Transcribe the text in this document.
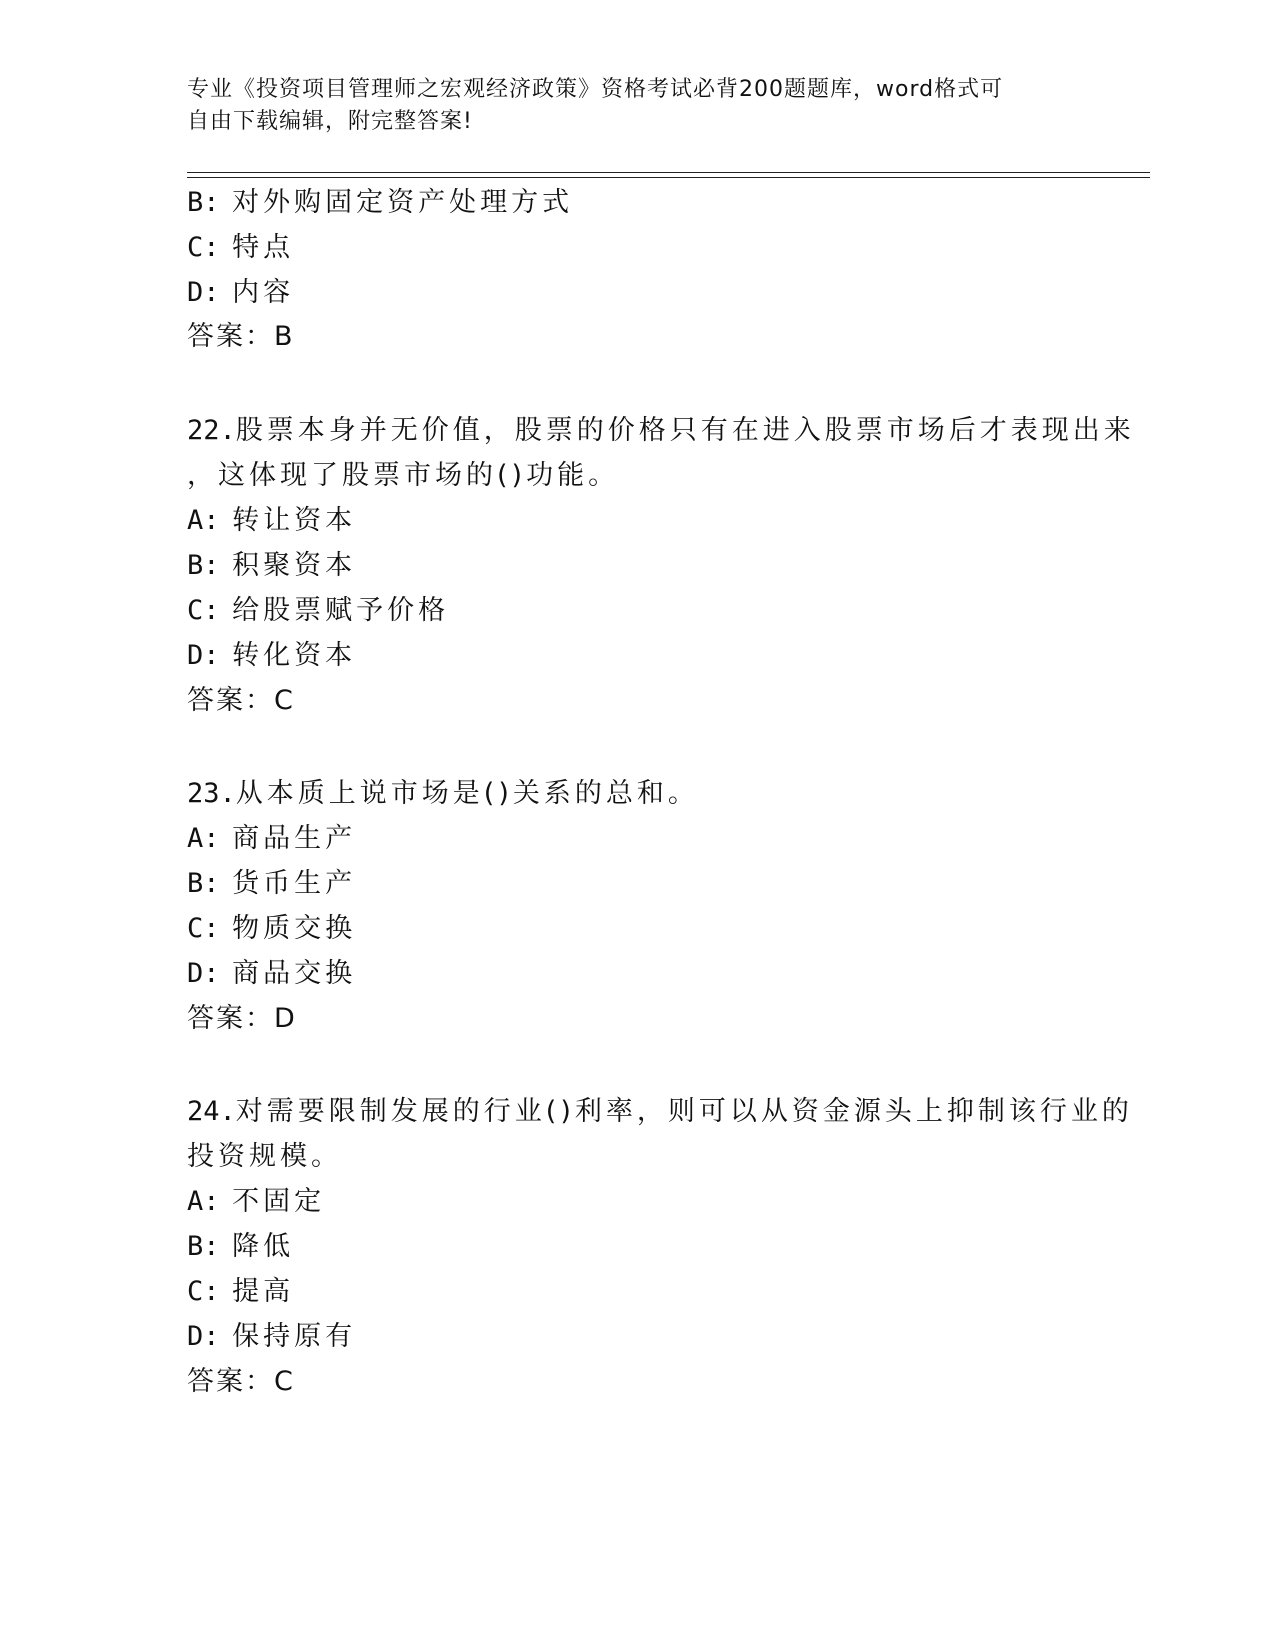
专业《投资项目管理师之宏观经济政策》资格考试必背200题题库，word格式可
自由下载编辑，附完整答案!
B: 对外购固定资产处理方式
C: 特点
D: 内容
答案：B
22.股票本身并无价值，股票的价格只有在进入股票市场后才表现出来
，这体现了股票市场的()功能。
A: 转让资本
B: 积聚资本
C: 给股票赋予价格
D: 转化资本
答案：C
23.从本质上说市场是()关系的总和。
A: 商品生产
B: 货币生产
C: 物质交换
D: 商品交换
答案：D
24.对需要限制发展的行业()利率，则可以从资金源头上抑制该行业的
投资规模。
A: 不固定
B: 降低
C: 提高
D: 保持原有
答案：C
